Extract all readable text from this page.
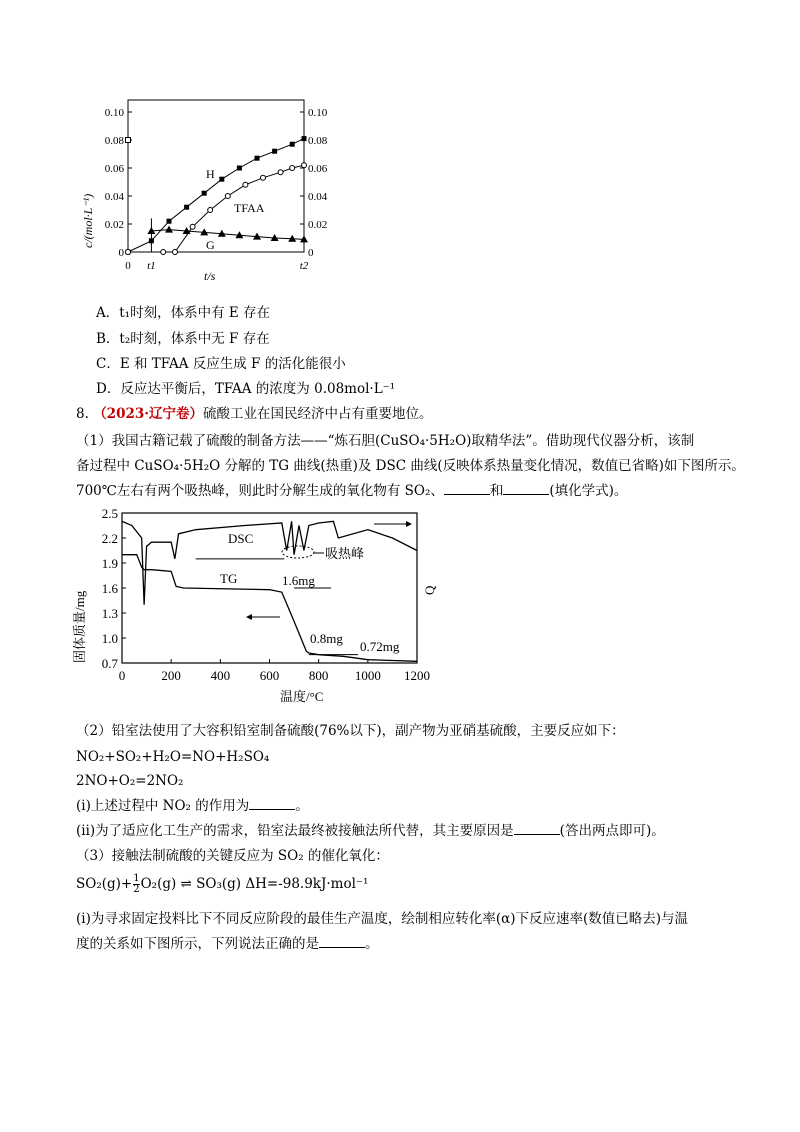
0
0.02
0.04
0.06
0.08
0.10
0
0.02
0.04
0.06
0.08
0.10
0 t1	t2
c/(mol·L⁻¹)
t/s
H
TFAA
G
A．t₁时刻，体系中有 E 存在
B．t₂时刻，体系中无 F 存在
C．E 和 TFAA 反应生成 F 的活化能很小
D．反应达平衡后，TFAA 的浓度为 0.08mol·L⁻¹
8. （2023·辽宁卷）硫酸工业在国民经济中占有重要地位。
（1）我国古籍记载了硫酸的制备方法——“炼石胆(CuSO₄·5H₂O)取精华法”。借助现代仪器分析，该制
备过程中 CuSO₄·5H₂O 分解的 TG 曲线(热重)及 DSC 曲线(反映体系热量变化情况，数值已省略)如下图所示。
700℃左右有两个吸热峰，则此时分解生成的氧化物有 SO₂、	和	(填化学式)。
0.7
1.0
1.3
1.6
1.9
2.2
2.5
0	200 400 600 800 1000 1200
固体质量/mg
温度/°C
Q
DSC
吸热峰
TG	1.6mg
0.8mg
0.72mg
（2）铅室法使用了大容积铅室制备硫酸(76%以下)，副产物为亚硝基硫酸，主要反应如下：
NO₂+SO₂+H₂O=NO+H₂SO₄
2NO+O₂=2NO₂
(ⅰ)上述过程中 NO₂ 的作用为	。
(ⅱ)为了适应化工生产的需求，铅室法最终被接触法所代替，其主要原因是	(答出两点即可)。
（3）接触法制硫酸的关键反应为 SO₂ 的催化氧化：
$SO_2(g)+ \frac{1}{2} O_2(g)$ ⇌ SO₃(g) ΔH=-98.9kJ·mol⁻¹
(ⅰ)为寻求固定投料比下不同反应阶段的最佳生产温度，绘制相应转化率(α)下反应速率(数值已略去)与温
度的关系如下图所示，下列说法正确的是	。
